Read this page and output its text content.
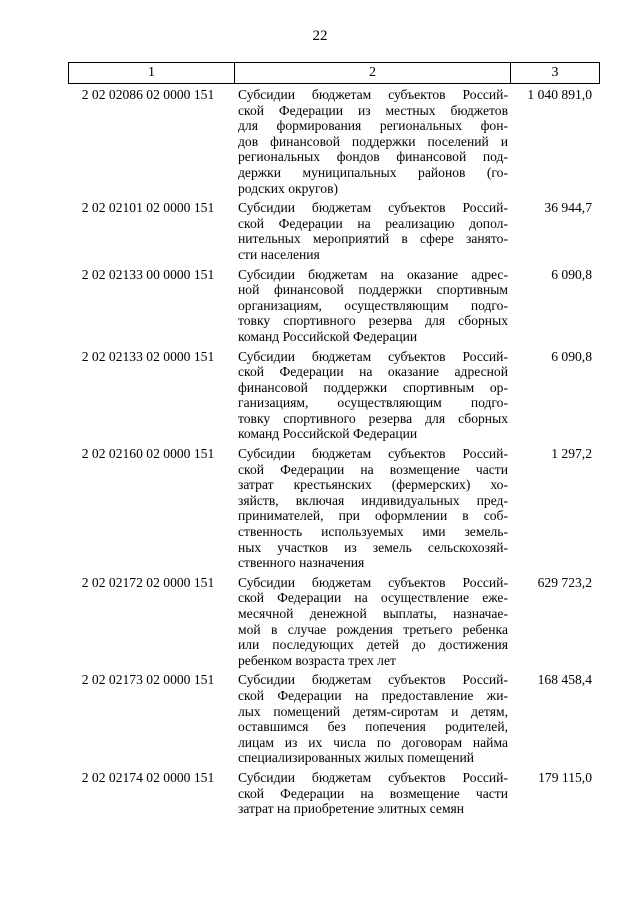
22
1	2	3
2 02 02086 02 0000 151	Субсидии бюджетам субъектов Россий-
ской Федерации из местных бюджетов
для формирования региональных фон-
дов финансовой поддержки поселений и
региональных фондов финансовой под-
держки муниципальных районов (го-
родских округов)
1 040 891,0
2 02 02101 02 0000 151	Субсидии бюджетам субъектов Россий-
ской Федерации на реализацию допол-
нительных мероприятий в сфере занято-
сти населения
36 944,7
2 02 02133 00 0000 151	Субсидии бюджетам на оказание адрес-
ной финансовой поддержки спортивным
организациям, осуществляющим подго-
товку спортивного резерва для сборных
команд Российской Федерации
6 090,8
2 02 02133 02 0000 151	Субсидии бюджетам субъектов Россий-
ской Федерации на оказание адресной
финансовой поддержки спортивным ор-
ганизациям, осуществляющим подго-
товку спортивного резерва для сборных
команд Российской Федерации
6 090,8
2 02 02160 02 0000 151	Субсидии бюджетам субъектов Россий-
ской Федерации на возмещение части
затрат крестьянских (фермерских) хо-
зяйств, включая индивидуальных пред-
принимателей, при оформлении в соб-
ственность используемых ими земель-
ных участков из земель сельскохозяй-
ственного назначения
1 297,2
2 02 02172 02 0000 151	Субсидии бюджетам субъектов Россий-
ской Федерации на осуществление еже-
месячной денежной выплаты, назначае-
мой в случае рождения третьего ребенка
или последующих детей до достижения
ребенком возраста трех лет
629 723,2
2 02 02173 02 0000 151	Субсидии бюджетам субъектов Россий-
ской Федерации на предоставление жи-
лых помещений детям-сиротам и детям,
оставшимся без попечения родителей,
лицам из их числа по договорам найма
специализированных жилых помещений
168 458,4
2 02 02174 02 0000 151	Субсидии бюджетам субъектов Россий-
ской Федерации на возмещение части
затрат на приобретение элитных семян
179 115,0
